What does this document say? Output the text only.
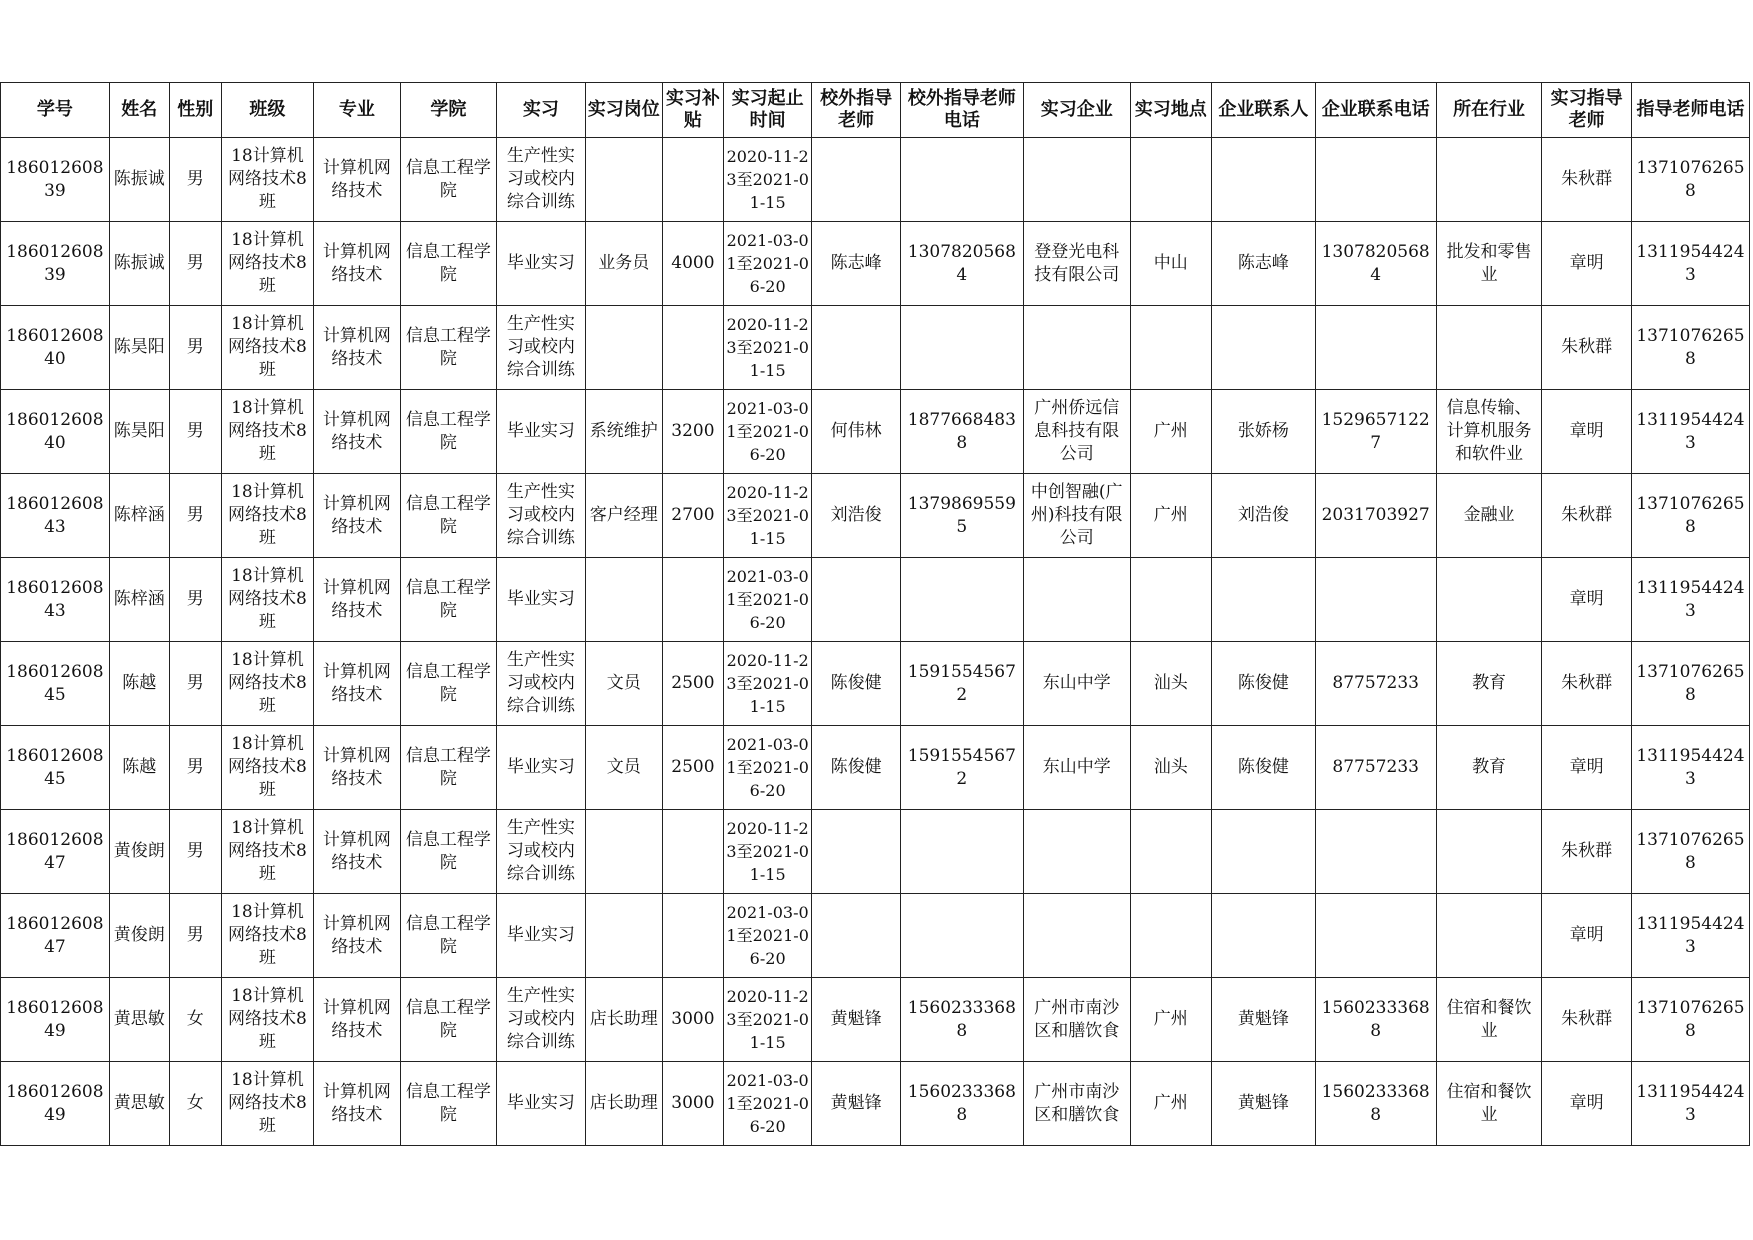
学号	姓名	性别	班级	专业	学院	实习	实习岗位	实习补贴	实习起止时间	校外指导老师	校外指导老师电话	实习企业	实习地点	企业联系人	企业联系电话	所在行业	实习指导老师	指导老师电话

18601260839	陈振诚	男	18计算机网络技术8班	计算机网络技术	信息工程学院	生产性实习或校内综合训练			2020-11-23至2021-01-15								朱秋群	13710762658

18601260839	陈振诚	男	18计算机网络技术8班	计算机网络技术	信息工程学院	毕业实习	业务员	4000	2021-03-01至2021-06-20	陈志峰	13078205684	登登光电科技有限公司	中山	陈志峰	13078205684	批发和零售业	章明	13119544243

18601260840	陈昊阳	男	18计算机网络技术8班	计算机网络技术	信息工程学院	生产性实习或校内综合训练			2020-11-23至2021-01-15								朱秋群	13710762658

18601260840	陈昊阳	男	18计算机网络技术8班	计算机网络技术	信息工程学院	毕业实习	系统维护	3200	2021-03-01至2021-06-20	何伟林	18776684838	广州侨远信息科技有限公司	广州	张娇杨	15296571227	信息传输、计算机服务和软件业	章明	13119544243

18601260843	陈梓涵	男	18计算机网络技术8班	计算机网络技术	信息工程学院	生产性实习或校内综合训练	客户经理	2700	2020-11-23至2021-01-15	刘浩俊	13798695595	中创智融(广州)科技有限公司	广州	刘浩俊	2031703927	金融业	朱秋群	13710762658

18601260843	陈梓涵	男	18计算机网络技术8班	计算机网络技术	信息工程学院	毕业实习			2021-03-01至2021-06-20								章明	13119544243

18601260845	陈越	男	18计算机网络技术8班	计算机网络技术	信息工程学院	生产性实习或校内综合训练	文员	2500	2020-11-23至2021-01-15	陈俊健	15915545672	东山中学	汕头	陈俊健	87757233	教育	朱秋群	13710762658

18601260845	陈越	男	18计算机网络技术8班	计算机网络技术	信息工程学院	毕业实习	文员	2500	2021-03-01至2021-06-20	陈俊健	15915545672	东山中学	汕头	陈俊健	87757233	教育	章明	13119544243

18601260847	黄俊朗	男	18计算机网络技术8班	计算机网络技术	信息工程学院	生产性实习或校内综合训练			2020-11-23至2021-01-15								朱秋群	13710762658

18601260847	黄俊朗	男	18计算机网络技术8班	计算机网络技术	信息工程学院	毕业实习			2021-03-01至2021-06-20								章明	13119544243

18601260849	黄思敏	女	18计算机网络技术8班	计算机网络技术	信息工程学院	生产性实习或校内综合训练	店长助理	3000	2020-11-23至2021-01-15	黄魁锋	15602333688	广州市南沙区和膳饮食	广州	黄魁锋	15602333688	住宿和餐饮业	朱秋群	13710762658

18601260849	黄思敏	女	18计算机网络技术8班	计算机网络技术	信息工程学院	毕业实习	店长助理	3000	2021-03-01至2021-06-20	黄魁锋	15602333688	广州市南沙区和膳饮食	广州	黄魁锋	15602333688	住宿和餐饮业	章明	13119544243
